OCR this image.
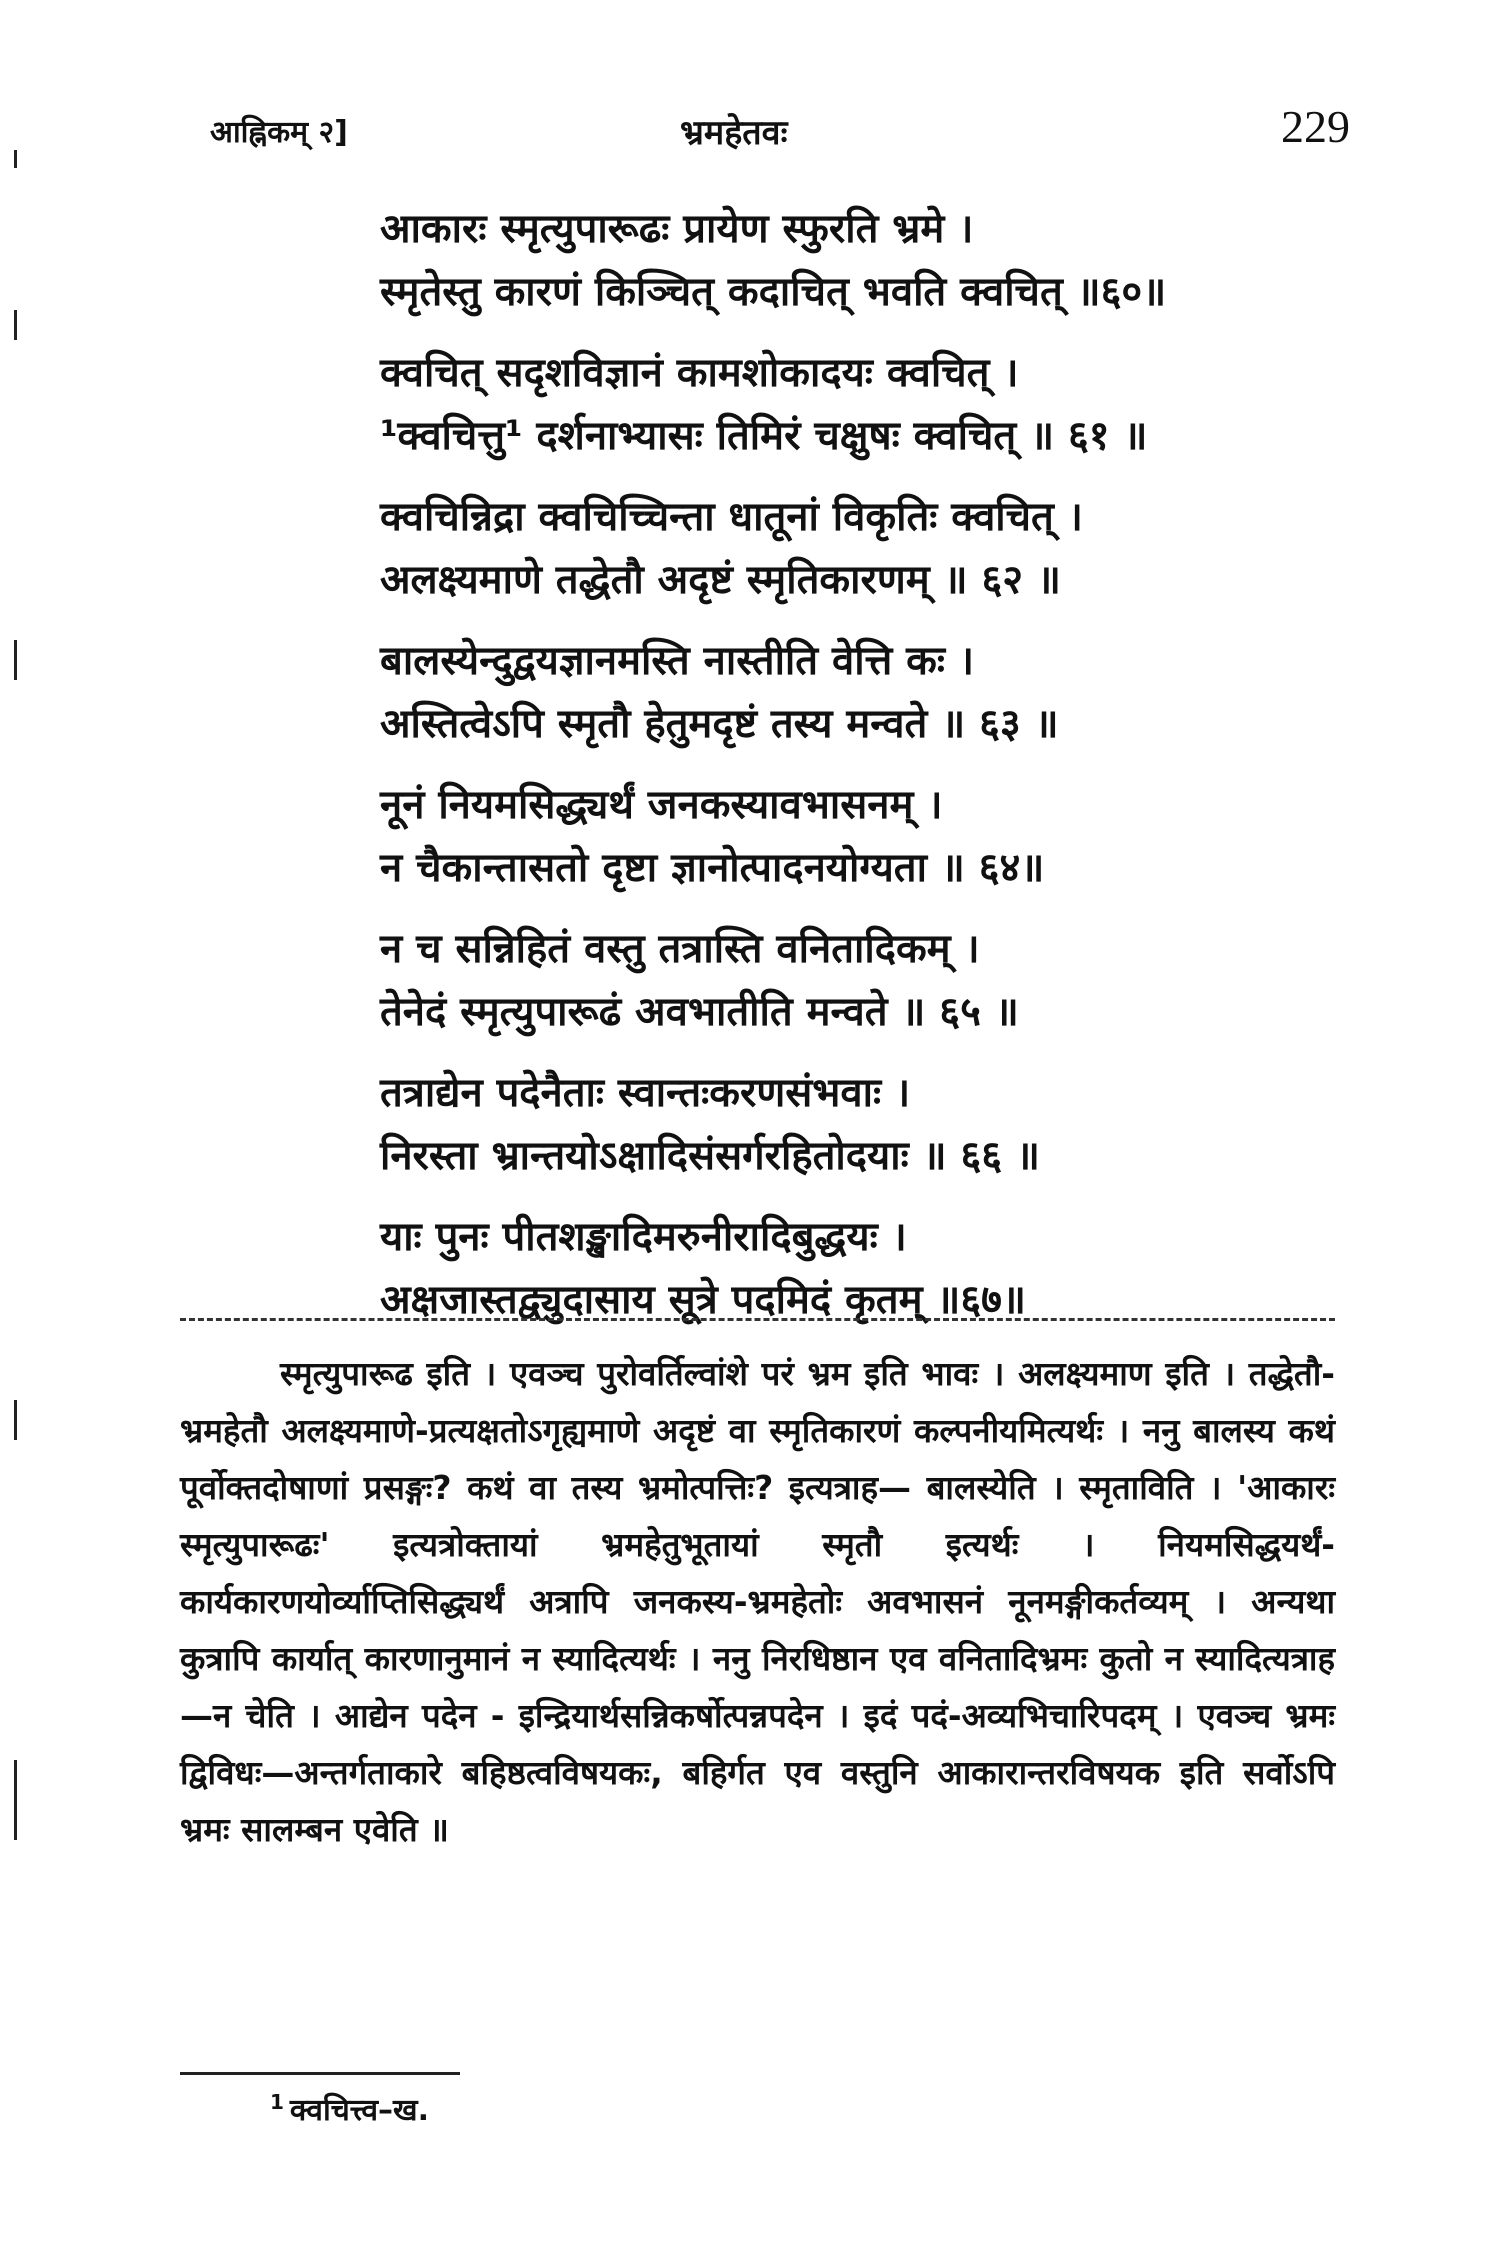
आह्निकम् २]	भ्रमहेतवः	229
आकारः स्मृत्युपारूढः प्रायेण स्फुरति भ्रमे ।
स्मृतेस्तु कारणं किञ्चित् कदाचित् भवति क्वचित् ॥६०॥
क्वचित् सदृशविज्ञानं कामशोकादयः क्वचित् ।
¹क्वचित्तु¹ दर्शनाभ्यासः तिमिरं चक्षुषः क्वचित् ॥ ६१ ॥
क्वचिन्निद्रा क्वचिच्चिन्ता धातूनां विकृतिः क्वचित् ।
अलक्ष्यमाणे तद्धेतौ अदृष्टं स्मृतिकारणम् ॥ ६२ ॥
बालस्येन्दुद्वयज्ञानमस्ति नास्तीति वेत्ति कः ।
अस्तित्वेऽपि स्मृतौ हेतुमदृष्टं तस्य मन्वते ॥ ६३ ॥
नूनं नियमसिद्ध्यर्थं जनकस्यावभासनम् ।
न चैकान्तासतो दृष्टा ज्ञानोत्पादनयोग्यता ॥ ६४॥
न च सन्निहितं वस्तु तत्रास्ति वनितादिकम् ।
तेनेदं स्मृत्युपारूढं अवभातीति मन्वते ॥ ६५ ॥
तत्राद्येन पदेनैताः स्वान्तःकरणसंभवाः ।
निरस्ता भ्रान्तयोऽक्षादिसंसर्गरहितोदयाः ॥ ६६ ॥
याः पुनः पीतशङ्खादिमरुनीरादिबुद्धयः ।
अक्षजास्तद्व्युदासाय सूत्रे पदमिदं कृतम् ॥६७॥

स्मृत्युपारूढ इति । एवञ्च पुरोवर्तिल्वांशे परं भ्रम इति भावः । अलक्ष्यमाण इति । तद्धेतौ-भ्रमहेतौ अलक्ष्यमाणे-प्रत्यक्षतोऽगृह्यमाणे अदृष्टं वा स्मृतिकारणं कल्पनीयमित्यर्थः । ननु बालस्य कथं पूर्वोक्तदोषाणां प्रसङ्गः? कथं वा तस्य भ्रमोत्पत्तिः? इत्यत्राह— बालस्येति । स्मृताविति । 'आकारः स्मृत्युपारूढः' इत्यत्रोक्तायां भ्रमहेतुभूतायां स्मृतौ इत्यर्थः । नियमसिद्धयर्थं-कार्यकारणयोर्व्याप्तिसिद्ध्यर्थं अत्रापि जनकस्य-भ्रमहेतोः अवभासनं नूनमङ्गीकर्तव्यम् । अन्यथा कुत्रापि कार्यात् कारणानुमानं न स्यादित्यर्थः । ननु निरधिष्ठान एव वनितादिभ्रमः कुतो न स्यादित्यत्राह—न चेति । आद्येन पदेन - इन्द्रियार्थसन्निकर्षोत्पन्नपदेन । इदं पदं-अव्यभिचारिपदम् । एवञ्च भ्रमः द्विविधः—अन्तर्गताकारे बहिष्ठत्वविषयकः, बहिर्गत एव वस्तुनि आकारान्तरविषयक इति सर्वोऽपि भ्रमः सालम्बन एवेति ॥

$^1$ क्वचित्त्व–ख.
